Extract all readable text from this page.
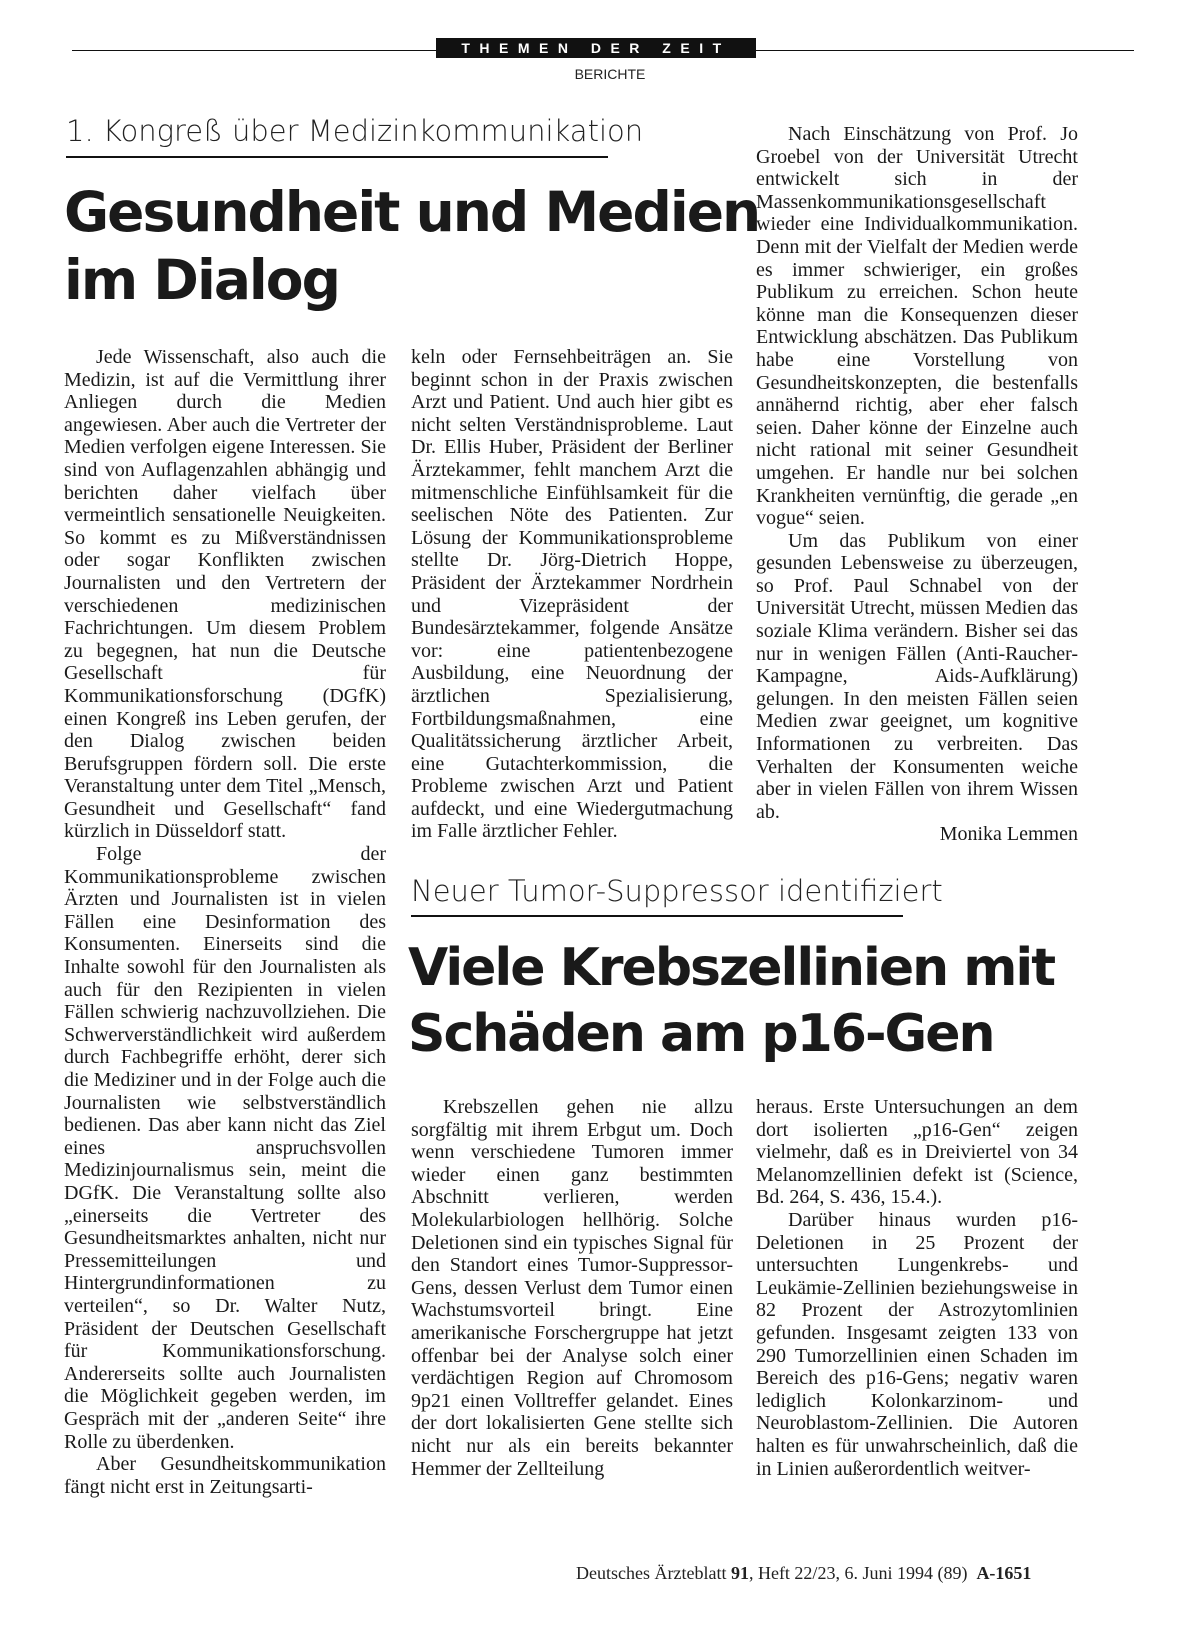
THEMEN DER ZEIT
BERICHTE
1. Kongreß über Medizinkommunikation
Gesundheit und Medien
im Dialog

Jede Wissenschaft, also auch die Medizin, ist auf die Vermittlung ihrer Anliegen durch die Medien angewiesen. Aber auch die Vertreter der Medien verfolgen eigene Interessen. Sie sind von Auflagenzahlen abhängig und berichten daher vielfach über vermeintlich sensationelle Neuigkeiten. So kommt es zu Mißverständnissen oder sogar Konflikten zwischen Journalisten und den Vertretern der verschiedenen medizinischen Fachrichtungen. Um diesem Problem zu begegnen, hat nun die Deutsche Gesellschaft für Kommunikationsforschung (DGfK) einen Kongreß ins Leben gerufen, der den Dialog zwischen beiden Berufsgruppen fördern soll. Die erste Veranstaltung unter dem Titel „Mensch, Gesundheit und Gesellschaft“ fand kürzlich in Düsseldorf statt.

Folge der Kommunikationsprobleme zwischen Ärzten und Journalisten ist in vielen Fällen eine Desinformation des Konsumenten. Einerseits sind die Inhalte sowohl für den Journalisten als auch für den Rezipienten in vielen Fällen schwierig nachzuvollziehen. Die Schwerverständlichkeit wird außerdem durch Fachbegriffe erhöht, derer sich die Mediziner und in der Folge auch die Journalisten wie selbstverständlich bedienen. Das aber kann nicht das Ziel eines anspruchsvollen Medizinjournalismus sein, meint die DGfK. Die Veranstaltung sollte also „einerseits die Vertreter des Gesundheitsmarktes anhalten, nicht nur Pressemitteilungen und Hintergrundinformationen zu verteilen“, so Dr. Walter Nutz, Präsident der Deutschen Gesellschaft für Kommunikationsforschung. Andererseits sollte auch Journalisten die Möglichkeit gegeben werden, im Gespräch mit der „anderen Seite“ ihre Rolle zu überdenken.

Aber Gesundheitskommunikation fängt nicht erst in Zeitungsarti-

keln oder Fernsehbeiträgen an. Sie beginnt schon in der Praxis zwischen Arzt und Patient. Und auch hier gibt es nicht selten Verständnisprobleme. Laut Dr. Ellis Huber, Präsident der Berliner Ärztekammer, fehlt manchem Arzt die mitmenschliche Einfühlsamkeit für die seelischen Nöte des Patienten. Zur Lösung der Kommunikationsprobleme stellte Dr. Jörg-Dietrich Hoppe, Präsident der Ärztekammer Nordrhein und Vizepräsident der Bundesärztekammer, folgende Ansätze vor: eine patientenbezogene Ausbildung, eine Neuordnung der ärztlichen Spezialisierung, Fortbildungsmaßnahmen, eine Qualitätssicherung ärztlicher Arbeit, eine Gutachterkommission, die Probleme zwischen Arzt und Patient aufdeckt, und eine Wiedergutmachung im Falle ärztlicher Fehler.

Nach Einschätzung von Prof. Jo Groebel von der Universität Utrecht entwickelt sich in der Massenkommunikationsgesellschaft wieder eine Individualkommunikation. Denn mit der Vielfalt der Medien werde es immer schwieriger, ein großes Publikum zu erreichen. Schon heute könne man die Konsequenzen dieser Entwicklung abschätzen. Das Publikum habe eine Vorstellung von Gesundheitskonzepten, die bestenfalls annähernd richtig, aber eher falsch seien. Daher könne der Einzelne auch nicht rational mit seiner Gesundheit umgehen. Er handle nur bei solchen Krankheiten vernünftig, die gerade „en vogue“ seien.

Um das Publikum von einer gesunden Lebensweise zu überzeugen, so Prof. Paul Schnabel von der Universität Utrecht, müssen Medien das soziale Klima verändern. Bisher sei das nur in wenigen Fällen (Anti-Raucher-Kampagne, Aids-Aufklärung) gelungen. In den meisten Fällen seien Medien zwar geeignet, um kognitive Informationen zu verbreiten. Das Verhalten der Konsumenten weiche aber in vielen Fällen von ihrem Wissen ab.

Monika Lemmen

Neuer Tumor-Suppressor identifiziert
Viele Krebszellinien mit
Schäden am p16-Gen

Krebszellen gehen nie allzu sorgfältig mit ihrem Erbgut um. Doch wenn verschiedene Tumoren immer wieder einen ganz bestimmten Abschnitt verlieren, werden Molekularbiologen hellhörig. Solche Deletionen sind ein typisches Signal für den Standort eines Tumor-Suppressor-Gens, dessen Verlust dem Tumor einen Wachstumsvorteil bringt. Eine amerikanische Forschergruppe hat jetzt offenbar bei der Analyse solch einer verdächtigen Region auf Chromosom 9p21 einen Volltreffer gelandet. Eines der dort lokalisierten Gene stellte sich nicht nur als ein bereits bekannter Hemmer der Zellteilung

heraus. Erste Untersuchungen an dem dort isolierten „p16-Gen“ zeigen vielmehr, daß es in Dreiviertel von 34 Melanomzellinien defekt ist (Science, Bd. 264, S. 436, 15.4.).

Darüber hinaus wurden p16-Deletionen in 25 Prozent der untersuchten Lungenkrebs- und Leukämie-Zellinien beziehungsweise in 82 Prozent der Astrozytomlinien gefunden. Insgesamt zeigten 133 von 290 Tumorzellinien einen Schaden im Bereich des p16-Gens; negativ waren lediglich Kolonkarzinom- und Neuroblastom-Zellinien. Die Autoren halten es für unwahrscheinlich, daß die in Linien außerordentlich weitver-

Deutsches Ärzteblatt 91, Heft 22/23, 6. Juni 1994 (89) A-1651
